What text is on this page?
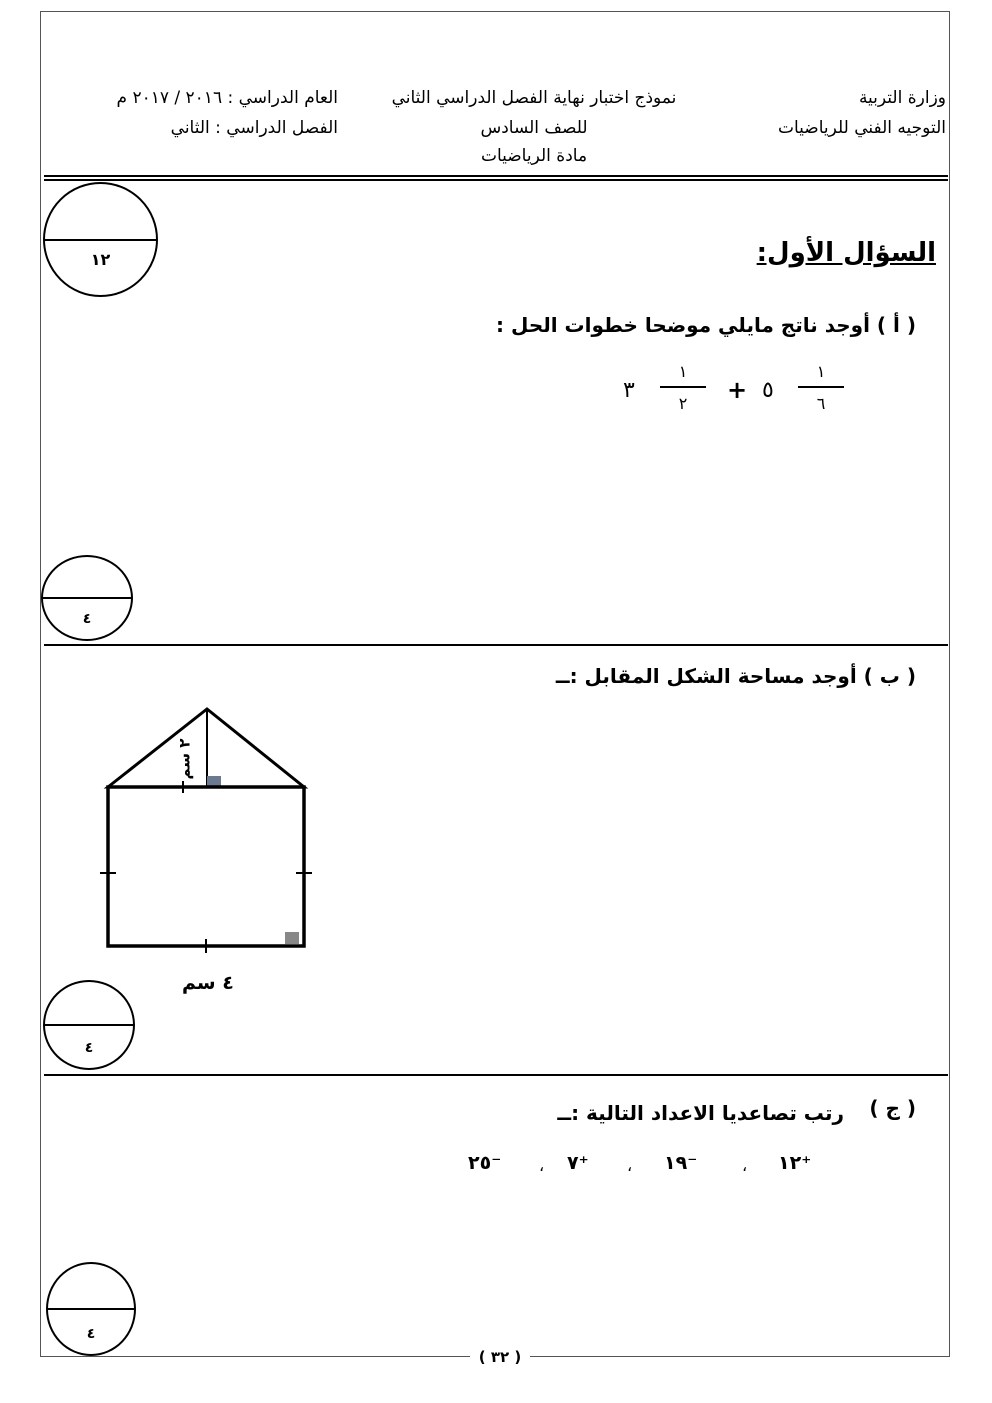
وزارة التربية
التوجيه الفني للرياضيات
نموذج اختبار نهاية الفصل الدراسي الثاني
للصف السادس
مادة الرياضيات
العام الدراسي : ٢٠١٦ / ٢٠١٧ م
الفصل الدراسي : الثاني
١٢	السؤال الأول:
( أ ) أوجد ناتج مايلي موضحا خطوات الحل :
٣
١
٢	+ ٥
١
٦
٤
( ب ) أوجد مساحة الشكل المقابل :ــ
٢ سم
٤ سم
٤
( ج )
رتب تصاعديا الاعداد التالية :ــ
١٢⁺
،
١٩⁻
،
٧⁺
،
٢٥⁻
٤
( ٣٢ )
